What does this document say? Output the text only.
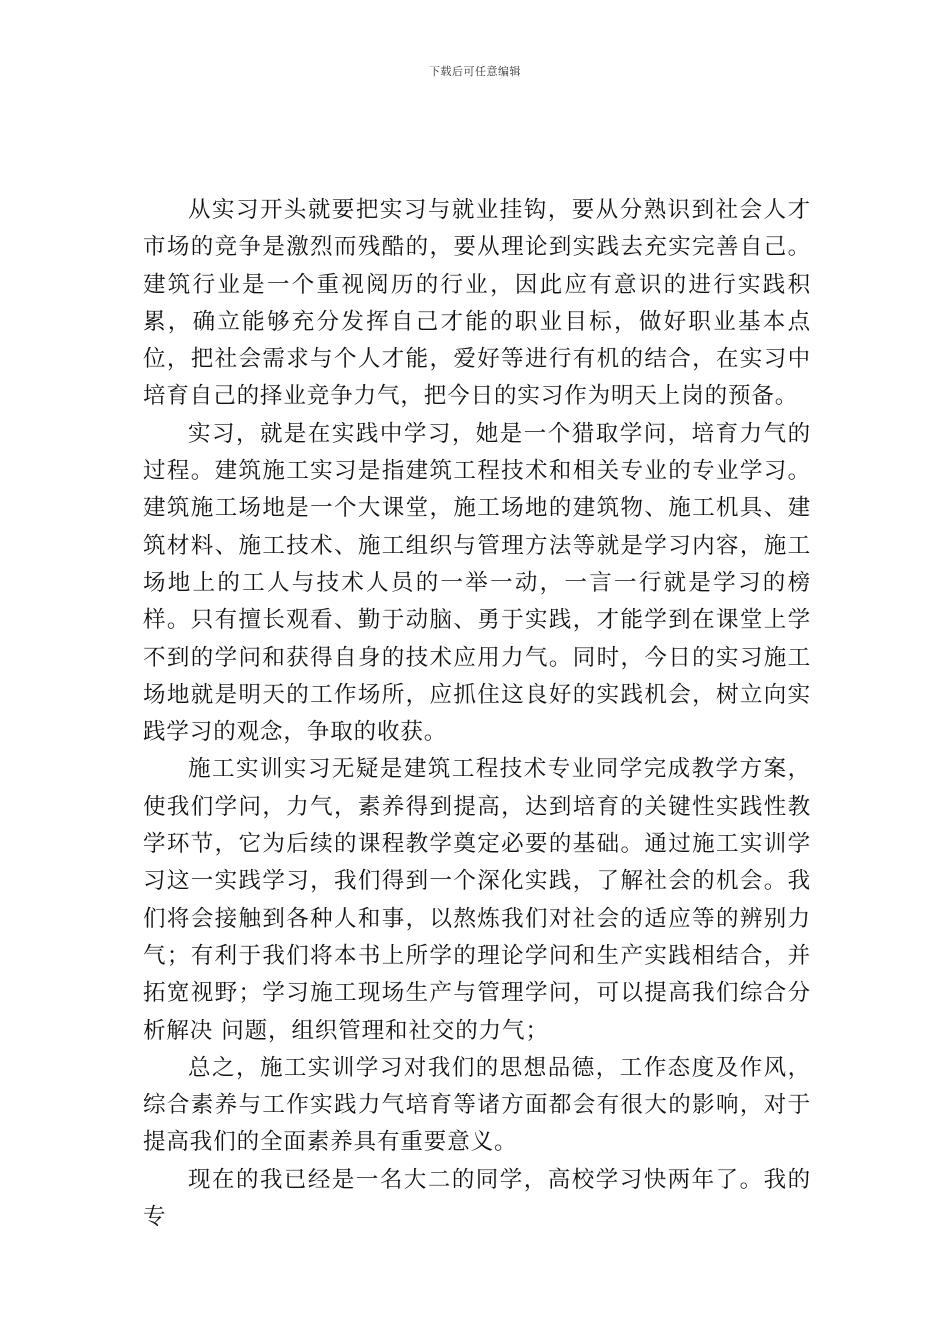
下载后可任意编辑

从实习开头就要把实习与就业挂钩，要从分熟识到社会人才市场的竞争是激烈而残酷的，要从理论到实践去充实完善自己。建筑行业是一个重视阅历的行业，因此应有意识的进行实践积累，确立能够充分发挥自己才能的职业目标，做好职业基本点位，把社会需求与个人才能，爱好等进行有机的结合，在实习中培育自己的择业竞争力气，把今日的实习作为明天上岗的预备。

实习，就是在实践中学习，她是一个猎取学问，培育力气的过程。建筑施工实习是指建筑工程技术和相关专业的专业学习。建筑施工场地是一个大课堂，施工场地的建筑物、施工机具、建筑材料、施工技术、施工组织与管理方法等就是学习内容，施工场地上的工人与技术人员的一举一动，一言一行就是学习的榜样。只有擅长观看、勤于动脑、勇于实践，才能学到在课堂上学不到的学问和获得自身的技术应用力气。同时，今日的实习施工场地就是明天的工作场所，应抓住这良好的实践机会，树立向实践学习的观念，争取的收获。

施工实训实习无疑是建筑工程技术专业同学完成教学方案，使我们学问，力气，素养得到提高，达到培育的关键性实践性教学环节，它为后续的课程教学奠定必要的基础。通过施工实训学习这一实践学习，我们得到一个深化实践，了解社会的机会。我们将会接触到各种人和事，以熬炼我们对社会的适应等的辨别力气；有利于我们将本书上所学的理论学问和生产实践相结合，并拓宽视野；学习施工现场生产与管理学问，可以提高我们综合分析解决 问题，组织管理和社交的力气；

总之，施工实训学习对我们的思想品德，工作态度及作风，综合素养与工作实践力气培育等诸方面都会有很大的影响，对于提高我们的全面素养具有重要意义。

现在的我已经是一名大二的同学，高校学习快两年了。我的专
